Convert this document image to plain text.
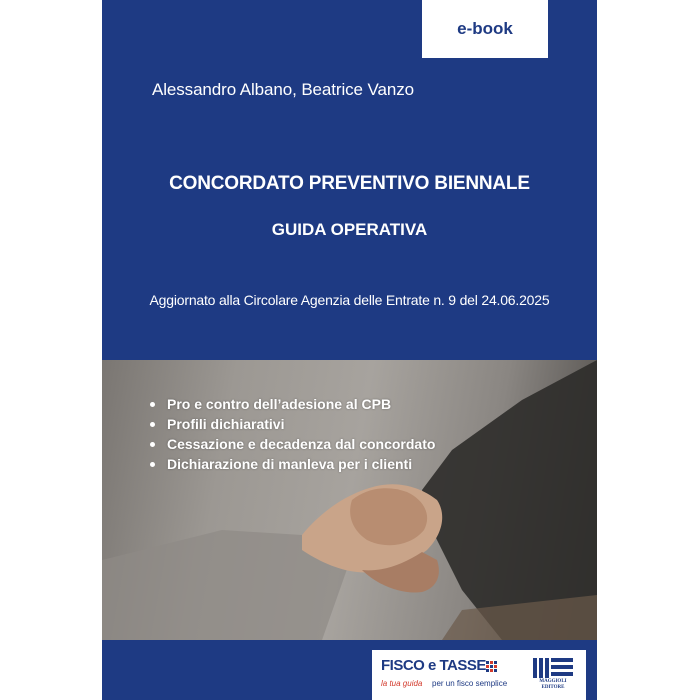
e-book
Alessandro Albano, Beatrice Vanzo
CONCORDATO PREVENTIVO BIENNALE
GUIDA OPERATIVA
Aggiornato alla Circolare Agenzia delle Entrate n. 9 del 24.06.2025
Pro e contro dell’adesione al CPB
Profili dichiarativi
Cessazione e decadenza dal concordato
Dichiarazione di manleva per i clienti
FISCO e TASSE
la tua guida per un fisco semplice	MAGGIOLI EDITORE
